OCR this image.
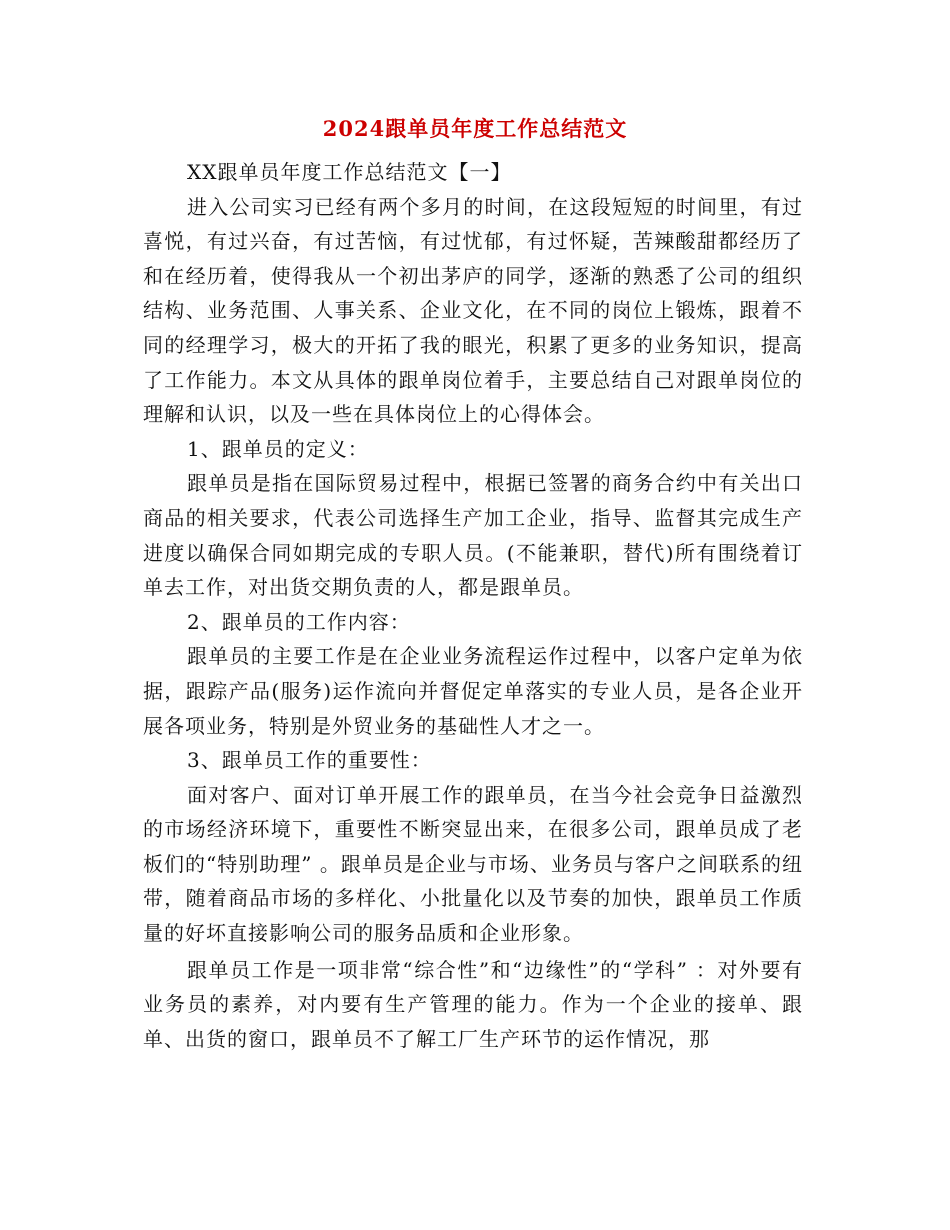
2024跟单员年度工作总结范文

XX跟单员年度工作总结范文【一】

进入公司实习已经有两个多月的时间，在这段短短的时间里，有过喜悦，有过兴奋，有过苦恼，有过忧郁，有过怀疑，苦辣酸甜都经历了和在经历着，使得我从一个初出茅庐的同学，逐渐的熟悉了公司的组织结构、业务范围、人事关系、企业文化，在不同的岗位上锻炼，跟着不同的经理学习，极大的开拓了我的眼光，积累了更多的业务知识，提高了工作能力。本文从具体的跟单岗位着手，主要总结自己对跟单岗位的理解和认识，以及一些在具体岗位上的心得体会。

1、跟单员的定义：

跟单员是指在国际贸易过程中，根据已签署的商务合约中有关出口商品的相关要求，代表公司选择生产加工企业，指导、监督其完成生产进度以确保合同如期完成的专职人员。(不能兼职，替代)所有围绕着订单去工作，对出货交期负责的人，都是跟单员。

2、跟单员的工作内容：

跟单员的主要工作是在企业业务流程运作过程中，以客户定单为依据，跟踪产品(服务)运作流向并督促定单落实的专业人员，是各企业开展各项业务，特别是外贸业务的基础性人才之一。

3、跟单员工作的重要性：

面对客户、面对订单开展工作的跟单员，在当今社会竞争日益激烈的市场经济环境下，重要性不断突显出来，在很多公司，跟单员成了老板们的“特别助理” 。跟单员是企业与市场、业务员与客户之间联系的纽带，随着商品市场的多样化、小批量化以及节奏的加快，跟单员工作质量的好坏直接影响公司的服务品质和企业形象。

跟单员工作是一项非常“综合性”和“边缘性”的“学科” ：对外要有业务员的素养，对内要有生产管理的能力。作为一个企业的接单、跟单、出货的窗口，跟单员不了解工厂生产环节的运作情况，那
